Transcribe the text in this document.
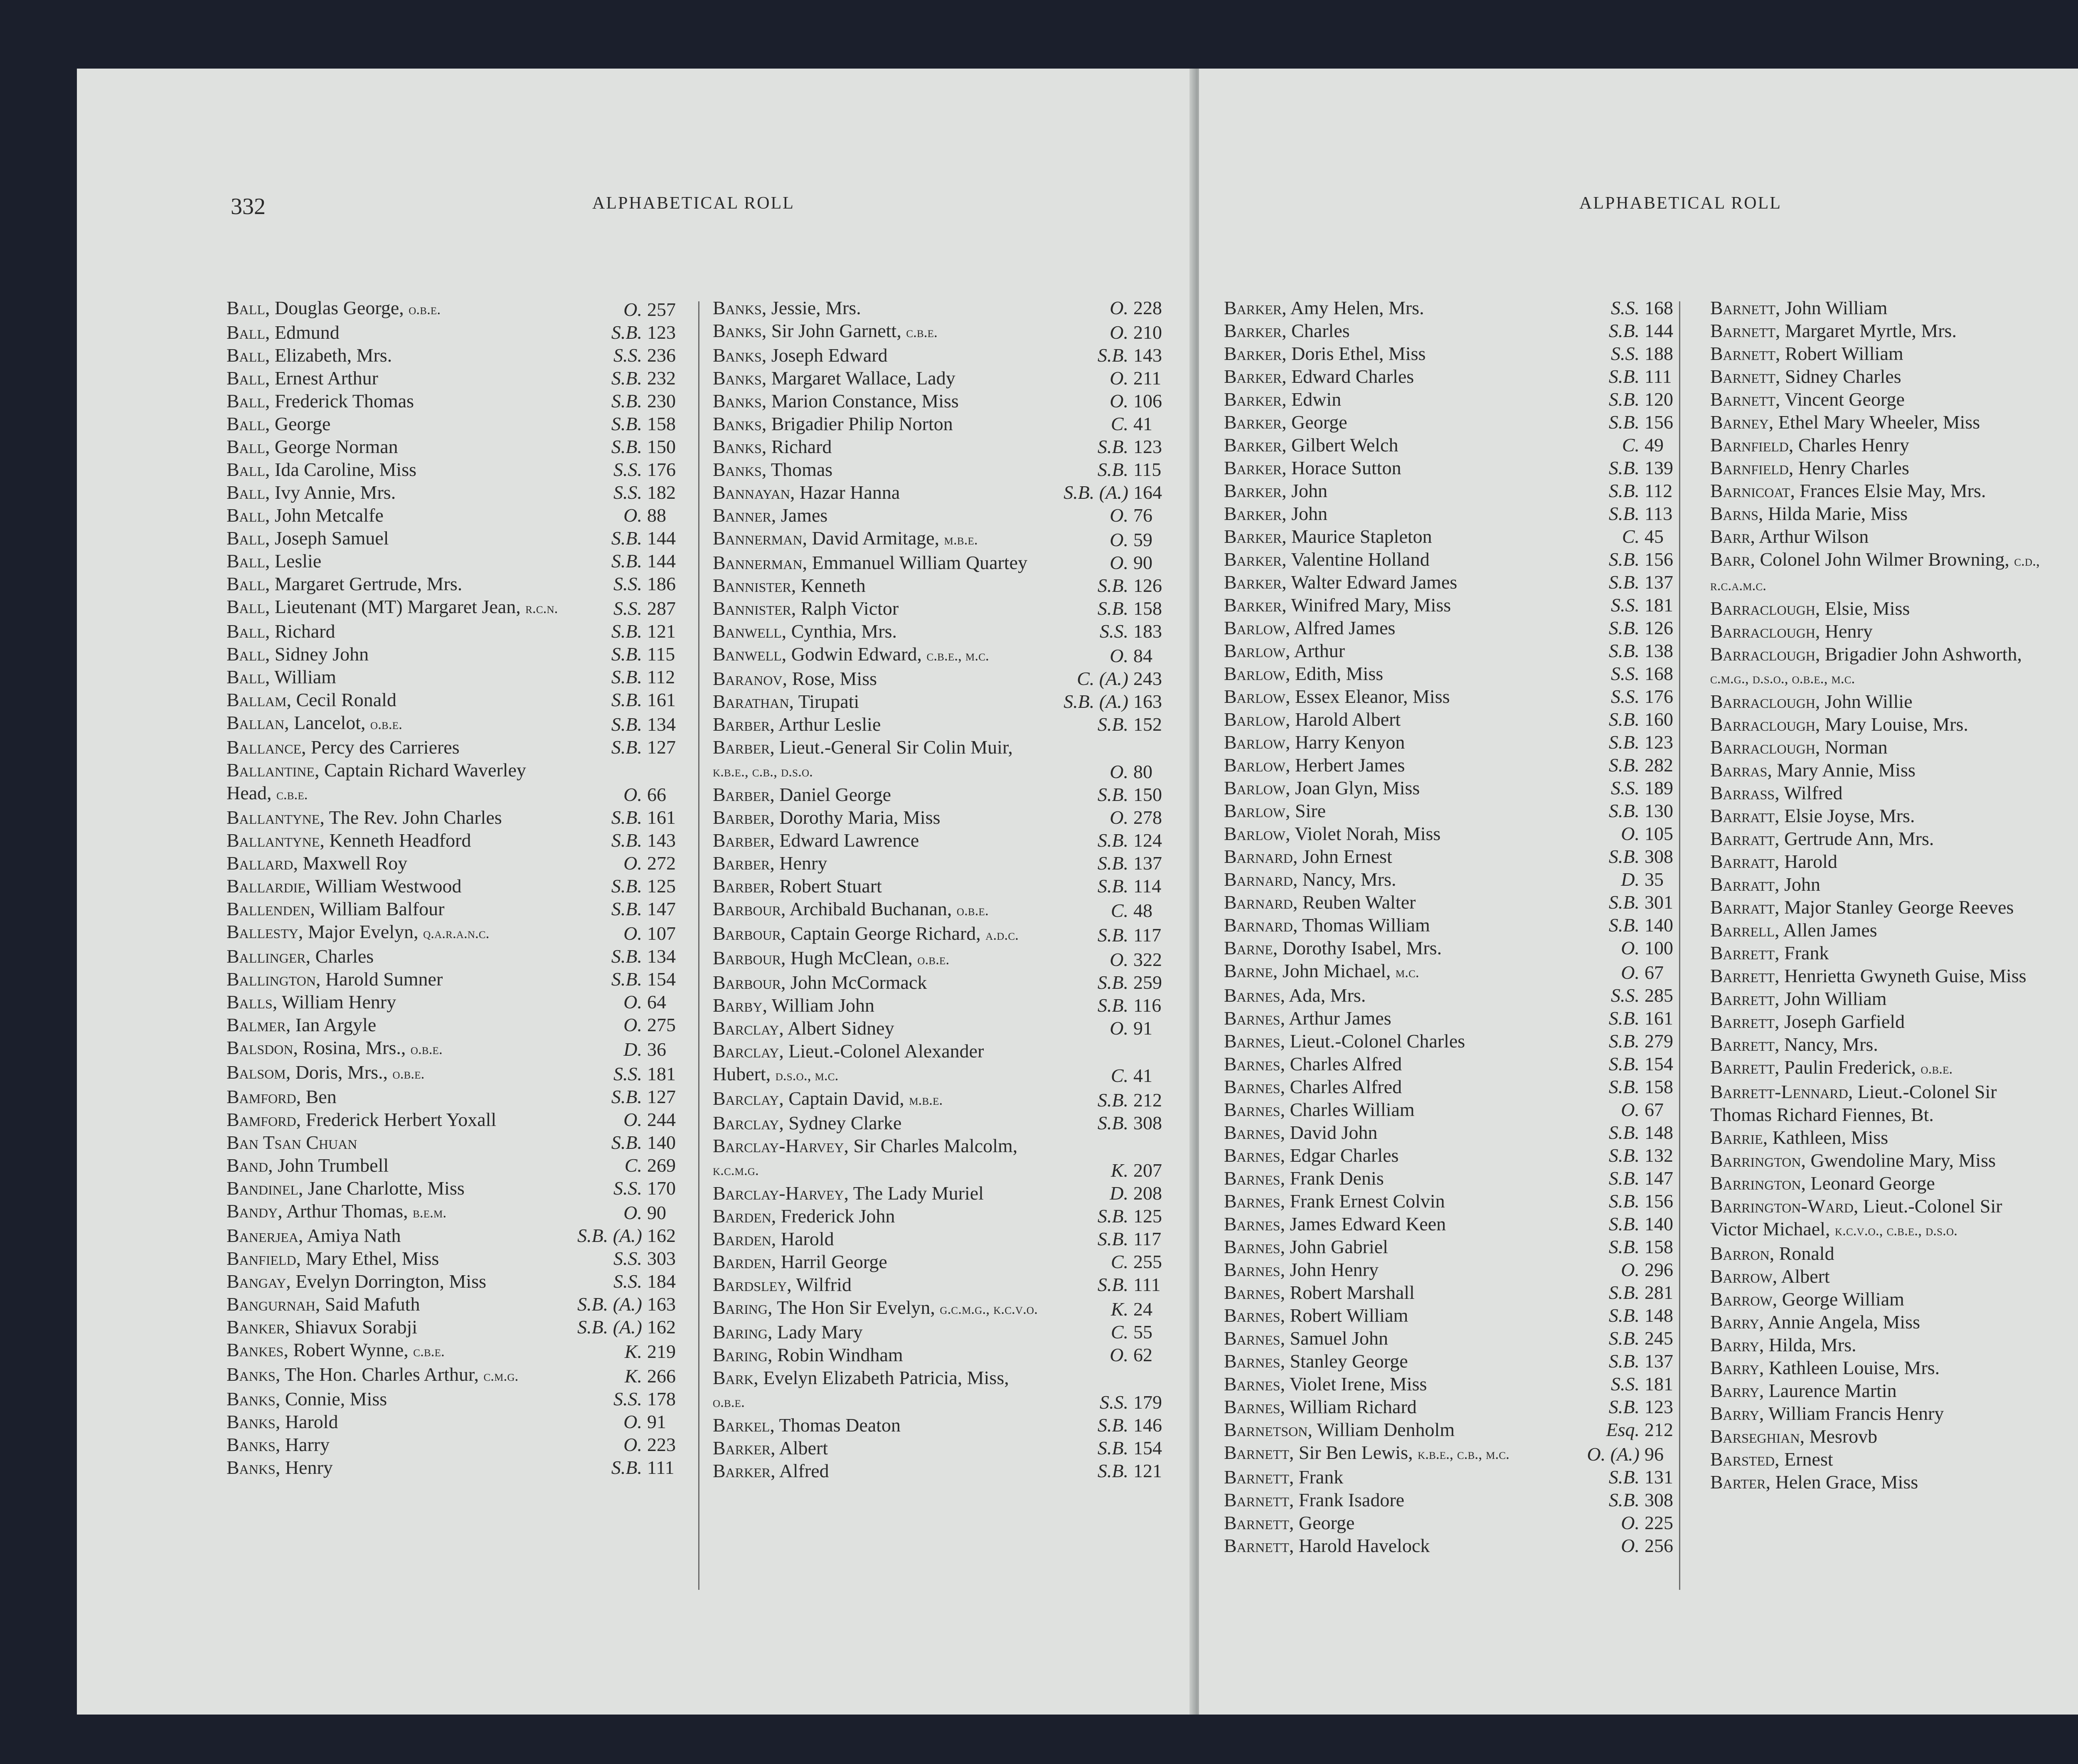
332	ALPHABETICAL ROLL
Ball, Douglas George, o.b.e.	O. 257
Ball, Edmund	S.B. 123
Ball, Elizabeth, Mrs.	S.S. 236
Ball, Ernest Arthur	S.B. 232
Ball, Frederick Thomas	S.B. 230
Ball, George	S.B. 158
Ball, George Norman	S.B. 150
Ball, Ida Caroline, Miss	S.S. 176
Ball, Ivy Annie, Mrs.	S.S. 182
Ball, John Metcalfe	O. 88
Ball, Joseph Samuel	S.B. 144
Ball, Leslie	S.B. 144
Ball, Margaret Gertrude, Mrs.	S.S. 186
Ball, Lieutenant (MT) Margaret Jean, r.c.n.	S.S. 287
Ball, Richard	S.B. 121
Ball, Sidney John	S.B. 115
Ball, William	S.B. 112
Ballam, Cecil Ronald	S.B. 161
Ballan, Lancelot, o.b.e.	S.B. 134
Ballance, Percy des Carrieres	S.B. 127
Ballantine, Captain Richard Waverley Head, c.b.e.	O. 66
Ballantyne, The Rev. John Charles	S.B. 161
Ballantyne, Kenneth Headford	S.B. 143
Ballard, Maxwell Roy	O. 272
Ballardie, William Westwood	S.B. 125
Ballenden, William Balfour	S.B. 147
Ballesty, Major Evelyn, q.a.r.a.n.c.	O. 107
Ballinger, Charles	S.B. 134
Ballington, Harold Sumner	S.B. 154
Balls, William Henry	O. 64
Balmer, Ian Argyle	O. 275
Balsdon, Rosina, Mrs., o.b.e.	D. 36
Balsom, Doris, Mrs., o.b.e.	S.S. 181
Bamford, Ben	S.B. 127
Bamford, Frederick Herbert Yoxall	O. 244
Ban Tsan Chuan	S.B. 140
Band, John Trumbell	C. 269
Bandinel, Jane Charlotte, Miss	S.S. 170
Bandy, Arthur Thomas, b.e.m.	O. 90
Banerjea, Amiya Nath	S.B. (A.) 162
Banfield, Mary Ethel, Miss	S.S. 303
Bangay, Evelyn Dorrington, Miss	S.S. 184
Bangurnah, Said Mafuth	S.B. (A.) 163
Banker, Shiavux Sorabji	S.B. (A.) 162
Bankes, Robert Wynne, c.b.e.	K. 219
Banks, The Hon. Charles Arthur, c.m.g.	K. 266
Banks, Connie, Miss	S.S. 178
Banks, Harold	O. 91
Banks, Harry	O. 223
Banks, Henry	S.B. 111
Banks, Jessie, Mrs.	O. 228
Banks, Sir John Garnett, c.b.e.	O. 210
Banks, Joseph Edward	S.B. 143
Banks, Margaret Wallace, Lady	O. 211
Banks, Marion Constance, Miss	O. 106
Banks, Brigadier Philip Norton	C. 41
Banks, Richard	S.B. 123
Banks, Thomas	S.B. 115
Bannayan, Hazar Hanna	S.B. (A.) 164
Banner, James	O. 76
Bannerman, David Armitage, m.b.e.	O. 59
Bannerman, Emmanuel William Quartey	O. 90
Bannister, Kenneth	S.B. 126
Bannister, Ralph Victor	S.B. 158
Banwell, Cynthia, Mrs.	S.S. 183
Banwell, Godwin Edward, c.b.e., m.c.	O. 84
Baranov, Rose, Miss	C. (A.) 243
Barathan, Tirupati	S.B. (A.) 163
Barber, Arthur Leslie	S.B. 152
Barber, Lieut.-General Sir Colin Muir, k.b.e., c.b., d.s.o.	O. 80
Barber, Daniel George	S.B. 150
Barber, Dorothy Maria, Miss	O. 278
Barber, Edward Lawrence	S.B. 124
Barber, Henry	S.B. 137
Barber, Robert Stuart	S.B. 114
Barbour, Archibald Buchanan, o.b.e.	C. 48
Barbour, Captain George Richard, a.d.c.	S.B. 117
Barbour, Hugh McClean, o.b.e.	O. 322
Barbour, John McCormack	S.B. 259
Barby, William John	S.B. 116
Barclay, Albert Sidney	O. 91
Barclay, Lieut.-Colonel Alexander Hubert, d.s.o., m.c.	C. 41
Barclay, Captain David, m.b.e.	S.B. 212
Barclay, Sydney Clarke	S.B. 308
Barclay-Harvey, Sir Charles Malcolm, k.c.m.g.	K. 207
Barclay-Harvey, The Lady Muriel	D. 208
Barden, Frederick John	S.B. 125
Barden, Harold	S.B. 117
Barden, Harril George	C. 255
Bardsley, Wilfrid	S.B. 111
Baring, The Hon Sir Evelyn, g.c.m.g., k.c.v.o.	K. 24
Baring, Lady Mary	C. 55
Baring, Robin Windham	O. 62
Bark, Evelyn Elizabeth Patricia, Miss, o.b.e.	S.S. 179
Barkel, Thomas Deaton	S.B. 146
Barker, Albert	S.B. 154
Barker, Alfred	S.B. 121
ALPHABETICAL ROLL
Barker, Amy Helen, Mrs.	S.S. 168
Barker, Charles	S.B. 144
Barker, Doris Ethel, Miss	S.S. 188
Barker, Edward Charles	S.B. 111
Barker, Edwin	S.B. 120
Barker, George	S.B. 156
Barker, Gilbert Welch	C. 49
Barker, Horace Sutton	S.B. 139
Barker, John	S.B. 112
Barker, John	S.B. 113
Barker, Maurice Stapleton	C. 45
Barker, Valentine Holland	S.B. 156
Barker, Walter Edward James	S.B. 137
Barker, Winifred Mary, Miss	S.S. 181
Barlow, Alfred James	S.B. 126
Barlow, Arthur	S.B. 138
Barlow, Edith, Miss	S.S. 168
Barlow, Essex Eleanor, Miss	S.S. 176
Barlow, Harold Albert	S.B. 160
Barlow, Harry Kenyon	S.B. 123
Barlow, Herbert James	S.B. 282
Barlow, Joan Glyn, Miss	S.S. 189
Barlow, Sire	S.B. 130
Barlow, Violet Norah, Miss	O. 105
Barnard, John Ernest	S.B. 308
Barnard, Nancy, Mrs.	D. 35
Barnard, Reuben Walter	S.B. 301
Barnard, Thomas William	S.B. 140
Barne, Dorothy Isabel, Mrs.	O. 100
Barne, John Michael, m.c.	O. 67
Barnes, Ada, Mrs.	S.S. 285
Barnes, Arthur James	S.B. 161
Barnes, Lieut.-Colonel Charles	S.B. 279
Barnes, Charles Alfred	S.B. 154
Barnes, Charles Alfred	S.B. 158
Barnes, Charles William	O. 67
Barnes, David John	S.B. 148
Barnes, Edgar Charles	S.B. 132
Barnes, Frank Denis	S.B. 147
Barnes, Frank Ernest Colvin	S.B. 156
Barnes, James Edward Keen	S.B. 140
Barnes, John Gabriel	S.B. 158
Barnes, John Henry	O. 296
Barnes, Robert Marshall	S.B. 281
Barnes, Robert William	S.B. 148
Barnes, Samuel John	S.B. 245
Barnes, Stanley George	S.B. 137
Barnes, Violet Irene, Miss	S.S. 181
Barnes, William Richard	S.B. 123
Barnetson, William Denholm	Esq. 212
Barnett, Sir Ben Lewis, k.b.e., c.b., m.c.	O. (A.) 96
Barnett, Frank	S.B. 131
Barnett, Frank Isadore	S.B. 308
Barnett, George	O. 225
Barnett, Harold Havelock	O. 256
Barnett, John William
Barnett, Margaret Myrtle, Mrs.
Barnett, Robert William
Barnett, Sidney Charles
Barnett, Vincent George
Barney, Ethel Mary Wheeler, Miss
Barnfield, Charles Henry
Barnfield, Henry Charles
Barnicoat, Frances Elsie May, Mrs.
Barns, Hilda Marie, Miss
Barr, Arthur Wilson
Barr, Colonel John Wilmer Browning, c.d., r.c.a.m.c.
Barraclough, Elsie, Miss
Barraclough, Henry
Barraclough, Brigadier John Ashworth, c.m.g., d.s.o., o.b.e., m.c.
Barraclough, John Willie
Barraclough, Mary Louise, Mrs.
Barraclough, Norman
Barras, Mary Annie, Miss
Barrass, Wilfred
Barratt, Elsie Joyse, Mrs.
Barratt, Gertrude Ann, Mrs.
Barratt, Harold
Barratt, John
Barratt, Major Stanley George Reeves
Barrell, Allen James
Barrett, Frank
Barrett, Henrietta Gwyneth Guise, Miss
Barrett, John William
Barrett, Joseph Garfield
Barrett, Nancy, Mrs.
Barrett, Paulin Frederick, o.b.e.
Barrett-Lennard, Lieut.-Colonel Sir Thomas Richard Fiennes, Bt.
Barrie, Kathleen, Miss
Barrington, Gwendoline Mary, Miss
Barrington, Leonard George
Barrington-Ward, Lieut.-Colonel Sir Victor Michael, k.c.v.o., c.b.e., d.s.o.
Barron, Ronald
Barrow, Albert
Barrow, George William
Barry, Annie Angela, Miss
Barry, Hilda, Mrs.
Barry, Kathleen Louise, Mrs.
Barry, Laurence Martin
Barry, William Francis Henry
Barseghian, Mesrovb
Barsted, Ernest
Barter, Helen Grace, Miss
